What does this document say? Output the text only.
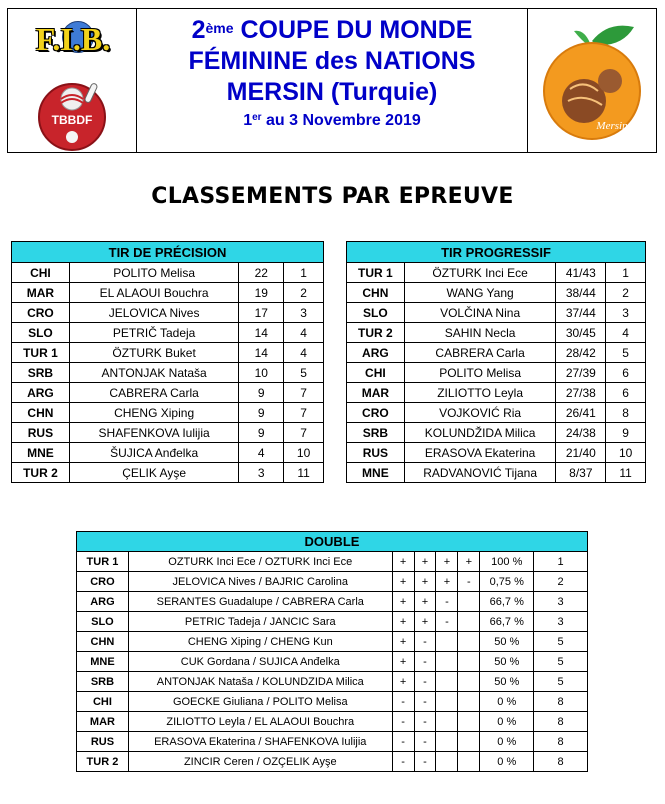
F.I.B.
TBBDF
2ème COUPE DU MONDE
FÉMININE des NATIONS
MERSIN (Turquie)
1er au 3 Novembre 2019	Mersin
CLASSEMENTS PAR EPREUVE
TIR DE PRÉCISION			
CHI	POLITO Melisa	22	1
MAR	EL ALAOUI Bouchra	19	2
CRO	JELOVICA Nives	17	3
SLO	PETRIČ Tadeja	14	4
TUR 1	ÖZTURK Buket	14	4
SRB	ANTONJAK Nataša	10	5
ARG	CABRERA Carla	9	7
CHN	CHENG Xiping	9	7
RUS	SHAFENKOVA Iulijia	9	7
MNE	ŠUJICA Anđelka	4	10
TUR 2	ÇELIK Ayşe	3	11
TIR PROGRESSIF			
TUR 1	ÖZTURK Inci Ece	41/43	1
CHN	WANG Yang	38/44	2
SLO	VOLČINA Nina	37/44	3
TUR 2	SAHIN Necla	30/45	4
ARG	CABRERA Carla	28/42	5
CHI	POLITO Melisa	27/39	6
MAR	ZILIOTTO Leyla	27/38	6
CRO	VOJKOVIĆ Ria	26/41	8
SRB	KOLUNDŽIDA Milica	24/38	9
RUS	ERASOVA Ekaterina	21/40	10
MNE	RADVANOVIĆ Tijana	8/37	11
DOUBLE							
TUR 1	OZTURK Inci Ece / OZTURK Inci Ece	+	+	+	+	100 %	1
CRO	JELOVICA Nives / BAJRIC Carolina	+	+	+	-	0,75 %	2
ARG	SERANTES Guadalupe / CABRERA Carla	+	+	-		66,7 %	3
SLO	PETRIC Tadeja / JANCIC Sara	+	+	-		66,7 %	3
CHN	CHENG Xiping / CHENG Kun	+	-			50 %	5
MNE	CUK Gordana / SUJICA Anđelka	+	-			50 %	5
SRB	ANTONJAK Nataša / KOLUNDZIDA Milica	+	-			50 %	5
CHI	GOECKE Giuliana / POLITO Melisa	-	-			0 %	8
MAR	ZILIOTTO Leyla / EL ALAOUI Bouchra	-	-			0 %	8
RUS	ERASOVA Ekaterina / SHAFENKOVA Iulijia	-	-			0 %	8
TUR 2	ZINCIR Ceren / OZÇELIK Ayşe	-	-			0 %	8
